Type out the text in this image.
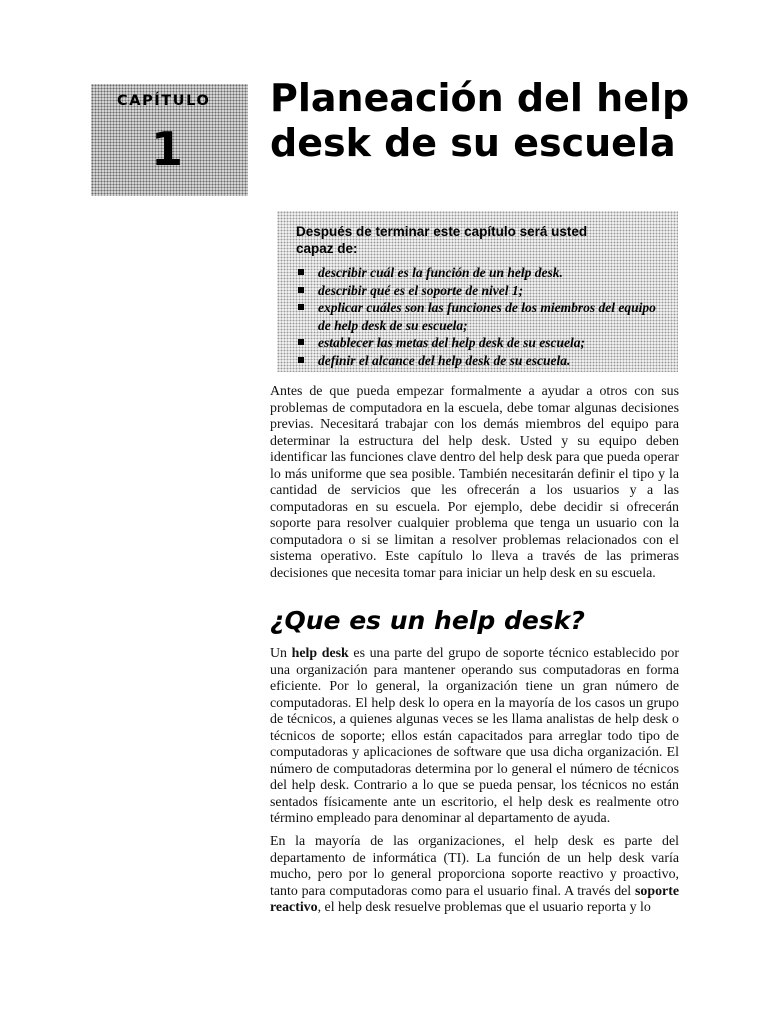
CAPÍTULO
1
Planeación del help desk de su escuela

Después de terminar este capítulo será usted capaz de:

describir cuál es la función de un help desk.
describir qué es el soporte de nivel 1;
explicar cuáles son las funciones de los miembros del equipo de help desk de su escuela;
establecer las metas del help desk de su escuela;
definir el alcance del help desk de su escuela.

Antes de que pueda empezar formalmente a ayudar a otros con sus problemas de computadora en la escuela, debe tomar algunas decisiones previas. Necesitará trabajar con los demás miembros del equipo para determinar la estructura del help desk. Usted y su equipo deben identificar las funciones clave dentro del help desk para que pueda operar lo más uniforme que sea posible. También necesitarán definir el tipo y la cantidad de servicios que les ofrecerán a los usuarios y a las computadoras en su escuela. Por ejemplo, debe decidir si ofrecerán soporte para resolver cualquier problema que tenga un usuario con la computadora o si se limitan a resolver problemas relacionados con el sistema operativo. Este capítulo lo lleva a través de las primeras decisiones que necesita tomar para iniciar un help desk en su escuela.

¿Que es un help desk?

Un help desk es una parte del grupo de soporte técnico establecido por una organización para mantener operando sus computadoras en forma eficiente. Por lo general, la organización tiene un gran número de computadoras. El help desk lo opera en la mayoría de los casos un grupo de técnicos, a quienes algunas veces se les llama analistas de help desk o técnicos de soporte; ellos están capacitados para arreglar todo tipo de computadoras y aplicaciones de software que usa dicha organización. El número de computadoras determina por lo general el número de técnicos del help desk. Contrario a lo que se pueda pensar, los técnicos no están sentados físicamente ante un escritorio, el help desk es realmente otro término empleado para denominar al departamento de ayuda.

En la mayoría de las organizaciones, el help desk es parte del departamento de informática (TI). La función de un help desk varía mucho, pero por lo general proporciona soporte reactivo y proactivo, tanto para computadoras como para el usuario final. A través del soporte reactivo, el help desk resuelve problemas que el usuario reporta y lo
